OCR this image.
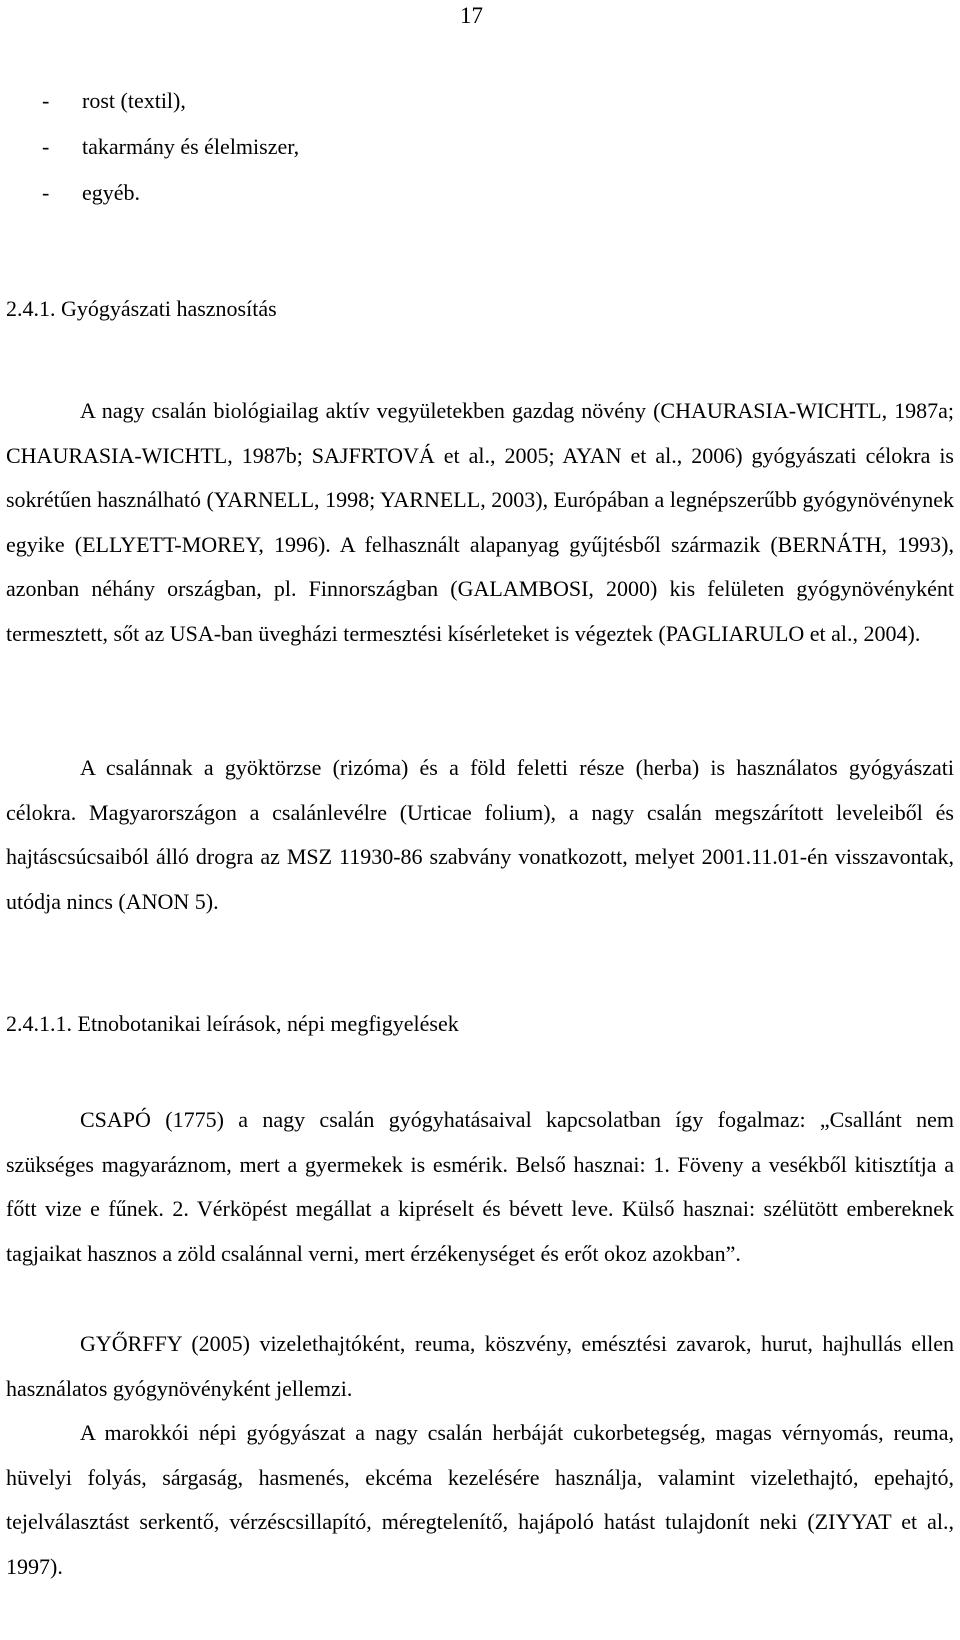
17
-	rost (textil),
-	takarmány és élelmiszer,
-	egyéb.
2.4.1. Gyógyászati hasznosítás

A nagy csalán biológiailag aktív vegyületekben gazdag növény (CHAURASIA-WICHTL, 1987a; CHAURASIA-WICHTL, 1987b; SAJFRTOVÁ et al., 2005; AYAN et al., 2006) gyógyászati célokra is sokrétűen használható (YARNELL, 1998; YARNELL, 2003), Európában a legnépszerűbb gyógynövénynek egyike (ELLYETT-MOREY, 1996). A felhasznált alapanyag gyűjtésből származik (BERNÁTH, 1993), azonban néhány országban, pl. Finnországban (GALAMBOSI, 2000) kis felületen gyógynövényként termesztett, sőt az USA-ban üvegházi termesztési kísérleteket is végeztek (PAGLIARULO et al., 2004).

A csalánnak a gyöktörzse (rizóma) és a föld feletti része (herba) is használatos gyógyászati célokra. Magyarországon a csalánlevélre (Urticae folium), a nagy csalán megszárított leveleiből és hajtáscsúcsaiból álló drogra az MSZ 11930-86 szabvány vonatkozott, melyet 2001.11.01-én visszavontak, utódja nincs (ANON 5).

2.4.1.1. Etnobotanikai leírások, népi megfigyelések

CSAPÓ (1775) a nagy csalán gyógyhatásaival kapcsolatban így fogalmaz: „Csallánt nem szükséges magyaráznom, mert a gyermekek is esmérik. Belső hasznai: 1. Föveny a vesékből kitisztítja a főtt vize e fűnek. 2. Vérköpést megállat a kipréselt és bévett leve. Külső hasznai: szélütött embereknek tagjaikat hasznos a zöld csalánnal verni, mert érzékenységet és erőt okoz azokban”.

GYŐRFFY (2005) vizelethajtóként, reuma, köszvény, emésztési zavarok, hurut, hajhullás ellen használatos gyógynövényként jellemzi.

A marokkói népi gyógyászat a nagy csalán herbáját cukorbetegség, magas vérnyomás, reuma, hüvelyi folyás, sárgaság, hasmenés, ekcéma kezelésére használja, valamint vizelethajtó, epehajtó, tejelválasztást serkentő, vérzéscsillapító, méregtelenítő, hajápoló hatást tulajdonít neki (ZIYYAT et al., 1997).
